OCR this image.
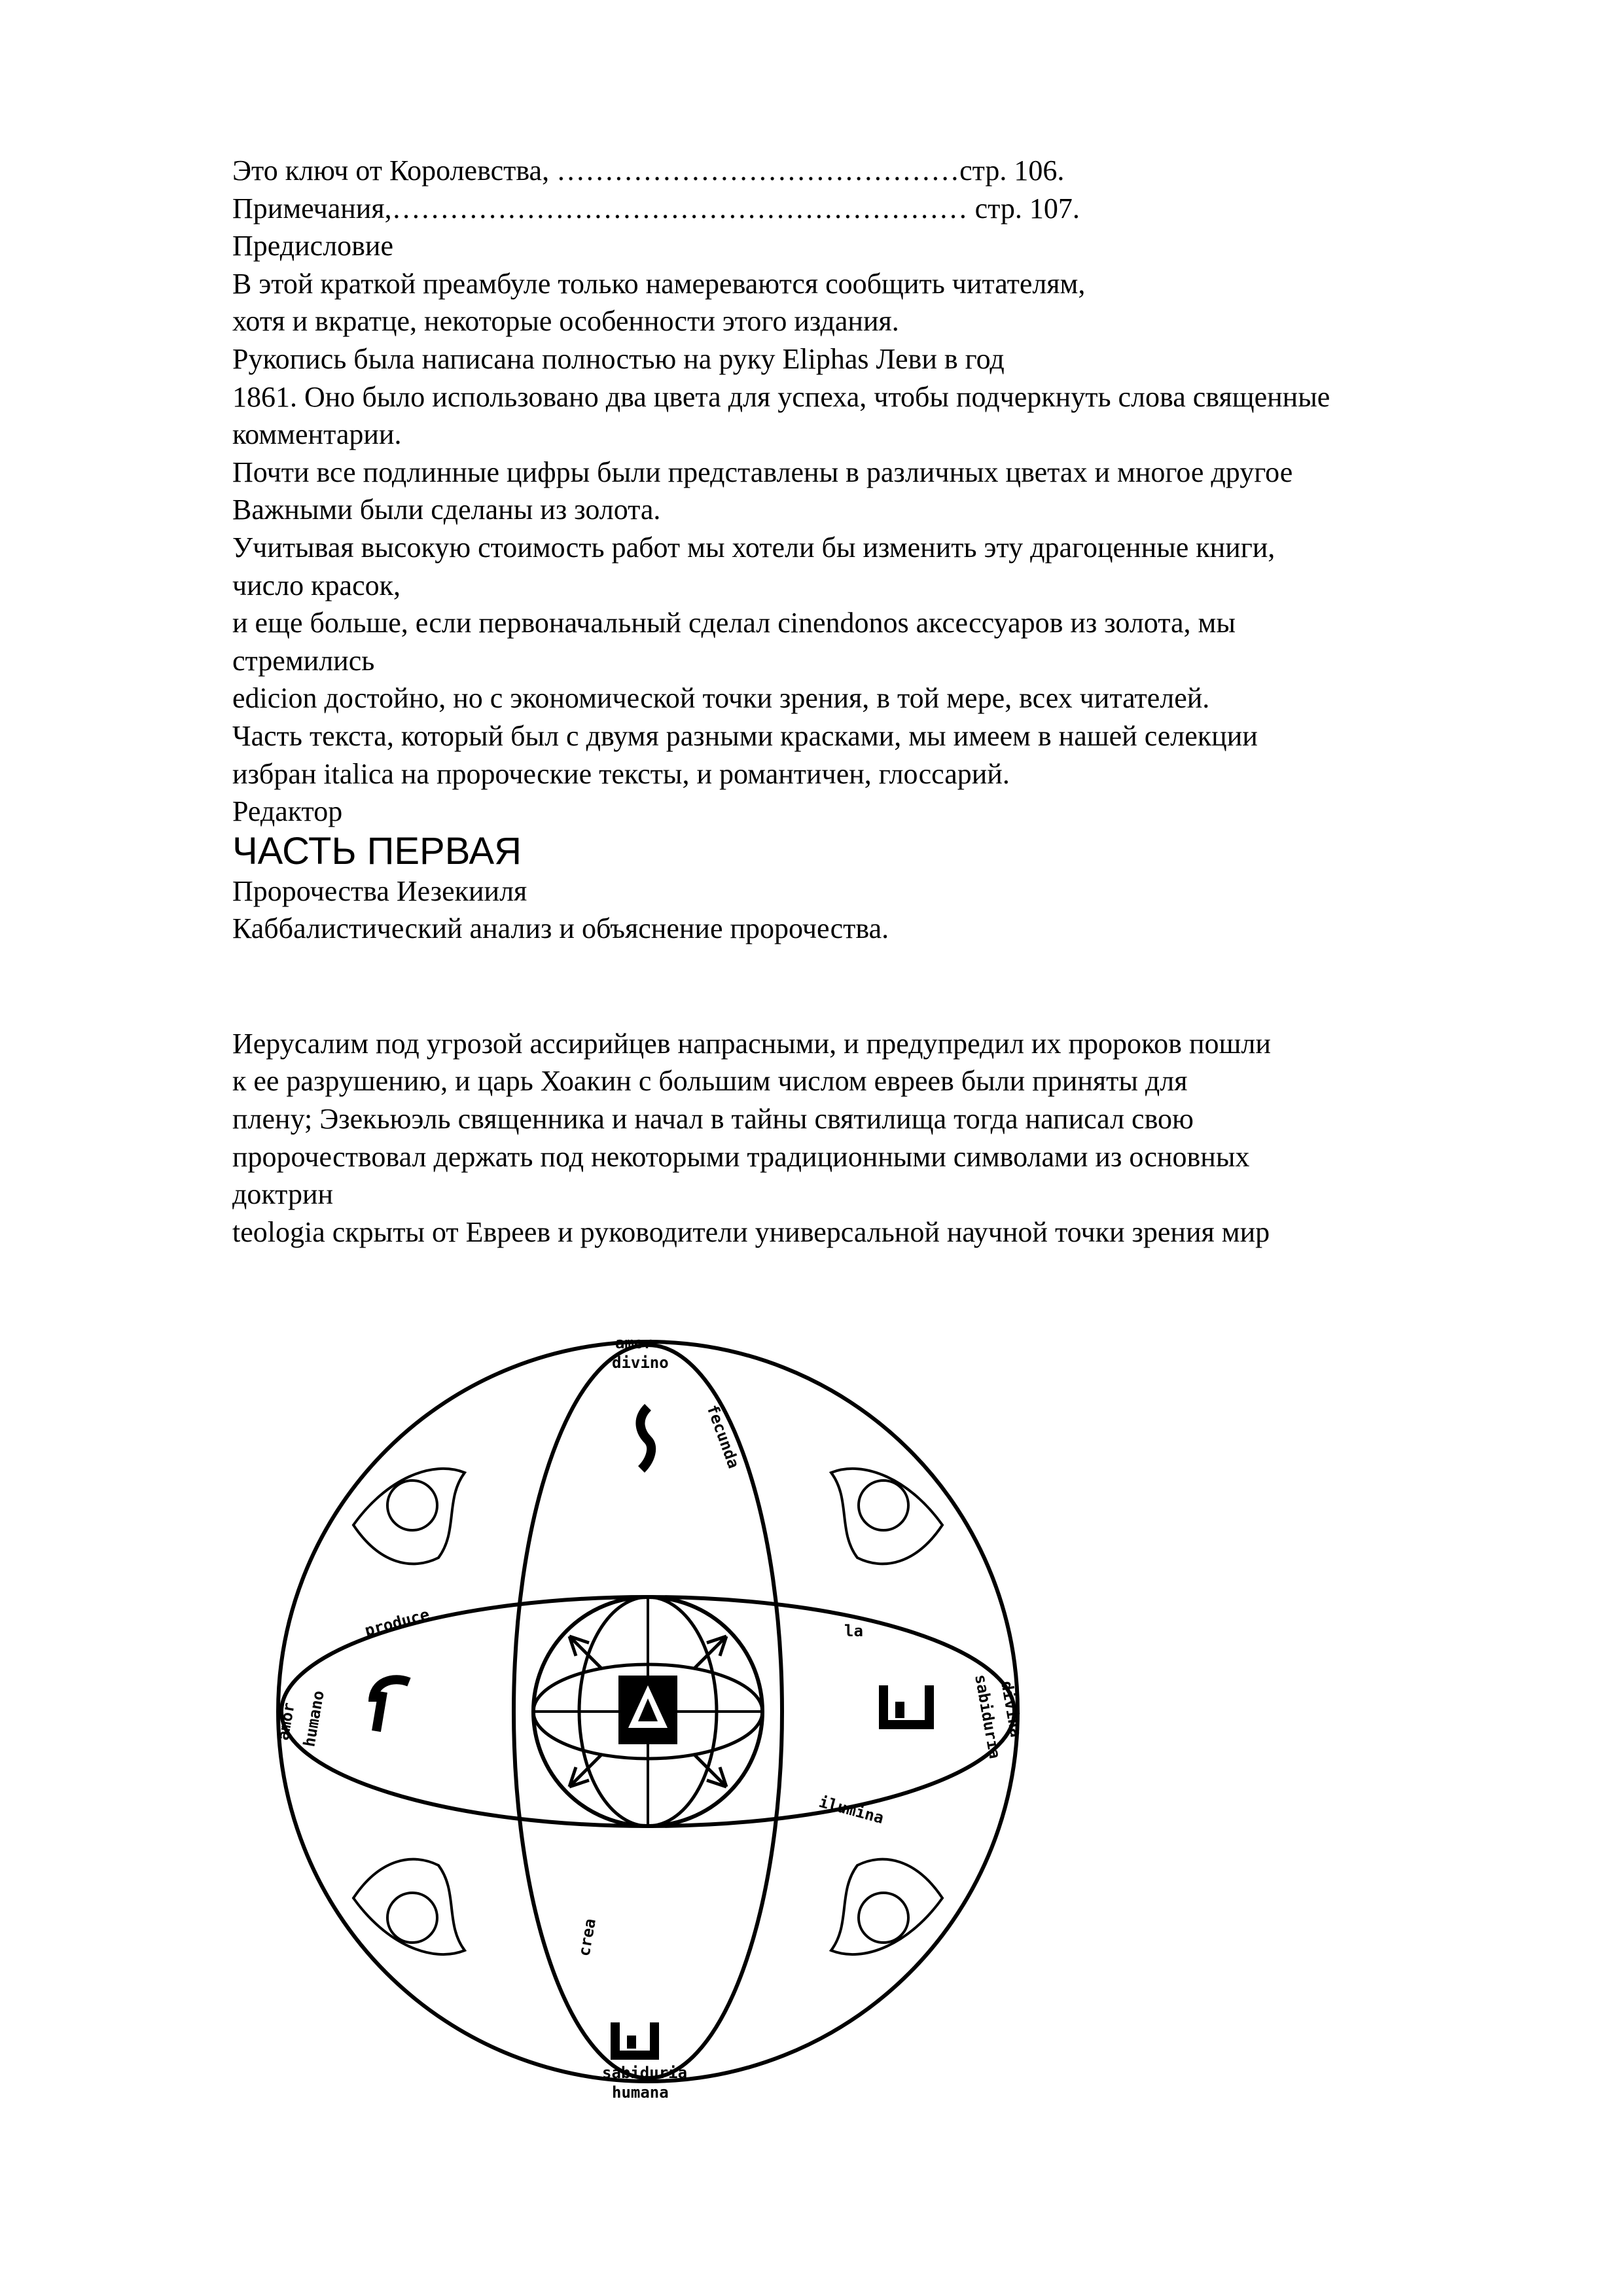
Это ключ от Королевства, ……………………………………стр. 106.
Примечания,…………………………………………………… стр. 107.
Предисловие
В этой краткой преамбуле только намереваются сообщить читателям,
хотя и вкратце, некоторые особенности этого издания.
Рукопись была написана полностью на руку Eliphas Леви в год
1861. Оно было использовано два цвета для успеха, чтобы подчеркнуть слова священные
комментарии.
Почти все подлинные цифры были представлены в различных цветах и многое другое
Важными были сделаны из золота.
Учитывая высокую стоимость работ мы хотели бы изменить эту драгоценные книги,
число красок,
и еще больше, если первоначальный сделал cinendonos аксессуаров из золота, мы
стремились
edicion достойно, но с экономической точки зрения, в той мере, всех читателей.
Часть текста, который был с двумя разными красками, мы имеем в нашей селекции
избран italica на пророческие тексты, и романтичен, глоссарий.
Редактор
ЧАСТЬ ПЕРВАЯ
Пророчества Иезекииля
Каббалистический анализ и объяснение пророчества.
Иерусалим под угрозой ассирийцев напрасными, и предупредил их пророков пошли
к ее разрушению, и царь Хоакин с большим числом евреев были приняты для
плену; Эзекьюэль священника и начал в тайны святилища тогда написал свою
пророчествовал держать под некоторыми традиционными символами из основных
доктрин
teologia скрыты от Евреев и руководители универсальной научной точки зрения мир
amor
divino
fecunda
produce
amor humano
la
sabiduria
divina
ilumina
crea
sabiduria
humana
